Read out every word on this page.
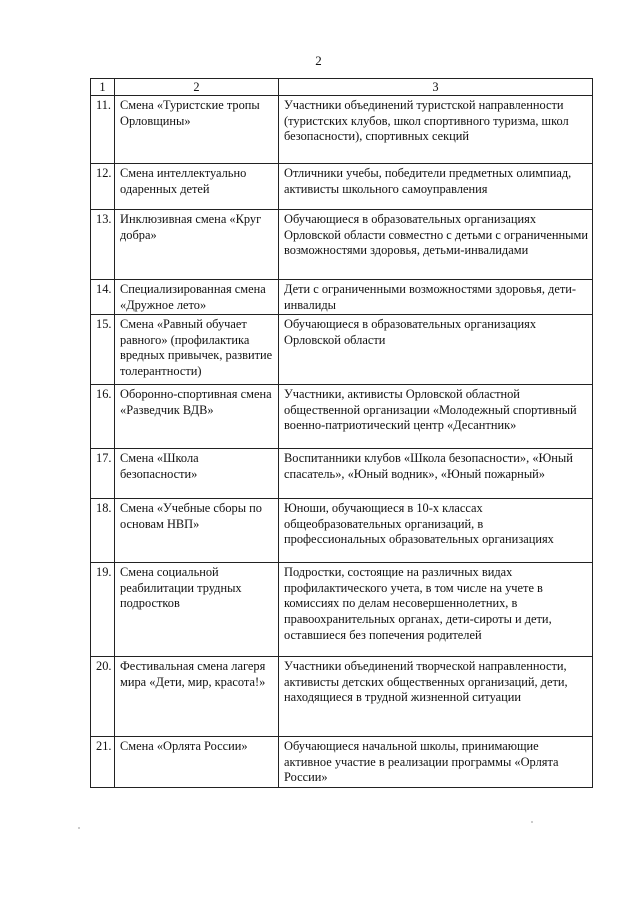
2
1	2	3
11.	Смена «Туристские тропы Орловщины»	Участники объединений туристской направленности (туристских клубов, школ спортивного туризма, школ безопасности), спортивных секций
12.	Смена интеллектуально одаренных детей	Отличники учебы, победители предметных олимпиад, активисты школьного самоуправления
13.	Инклюзивная смена «Круг добра»	Обучающиеся в образовательных организациях Орловской области совместно с детьми с ограниченными возможностями здоровья, детьми-инвалидами
14.	Специализированная смена «Дружное лето»	Дети с ограниченными возможностями здоровья, дети-инвалиды
15.	Смена «Равный обучает равного» (профилактика вредных привычек, развитие толерантности)	Обучающиеся в образовательных организациях Орловской области
16.	Оборонно-спортивная смена «Разведчик ВДВ»	Участники, активисты Орловской областной общественной организации «Молодежный спортивный военно-патриотический центр «Десантник»
17.	Смена «Школа безопасности»	Воспитанники клубов «Школа безопасности», «Юный спасатель», «Юный водник», «Юный пожарный»
18.	Смена «Учебные сборы по основам НВП»	Юноши, обучающиеся в 10-х классах общеобразовательных организаций, в профессиональных образовательных организациях
19.	Смена социальной реабилитации трудных подростков	Подростки, состоящие на различных видах профилактического учета, в том числе на учете в комиссиях по делам несовершеннолетних, в правоохранительных органах, дети-сироты и дети, оставшиеся без попечения родителей
20.	Фестивальная смена лагеря мира «Дети, мир, красота!»	Участники объединений творческой направленности, активисты детских общественных организаций, дети, находящиеся в трудной жизненной ситуации
21.	Смена «Орлята России»	Обучающиеся начальной школы, принимающие активное участие в реализации программы «Орлята России»
